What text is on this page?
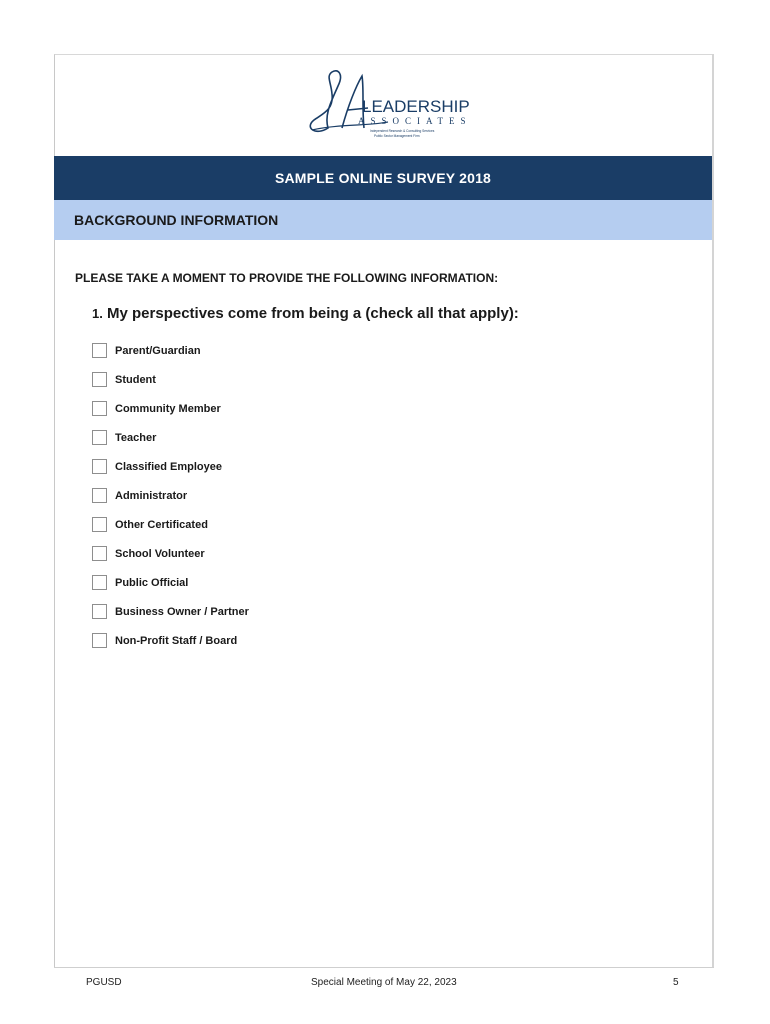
LEADERSHIP
ASSOCIATES
Independent Research & Consulting Services
Public Sector Management Firm
SAMPLE ONLINE SURVEY 2018
BACKGROUND INFORMATION
PLEASE TAKE A MOMENT TO PROVIDE THE FOLLOWING INFORMATION:
1. My perspectives come from being a (check all that apply):
Parent/Guardian
Student
Community Member
Teacher
Classified Employee
Administrator
Other Certificated
School Volunteer
Public Official
Business Owner / Partner
Non-Profit Staff / Board
PGUSD	Special Meeting of May 22, 2023	5
